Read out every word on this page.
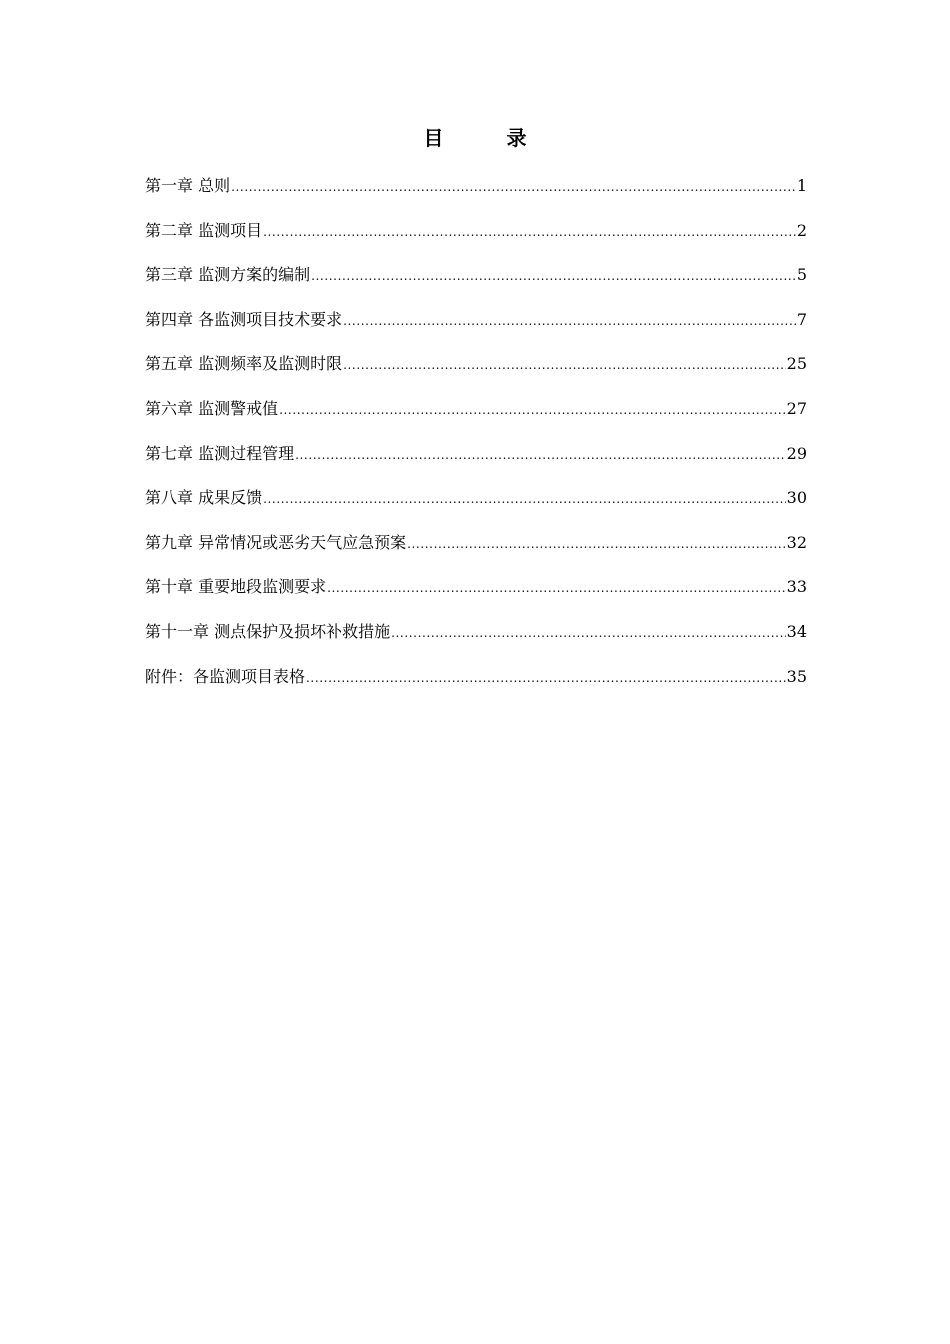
目 录
第一章 总则 .....	1
第二章 监测项目 .....	2
第三章 监测方案的编制 .....	5
第四章 各监测项目技术要求 .....	7
第五章 监测频率及监测时限 .....	25
第六章 监测警戒值 .....	27
第七章 监测过程管理 .....	29
第八章 成果反馈 .....	30
第九章 异常情况或恶劣天气应急预案 .....	32
第十章 重要地段监测要求 .....	33
第十一章 测点保护及损坏补救措施 .....	34
附件：各监测项目表格 .....	35
